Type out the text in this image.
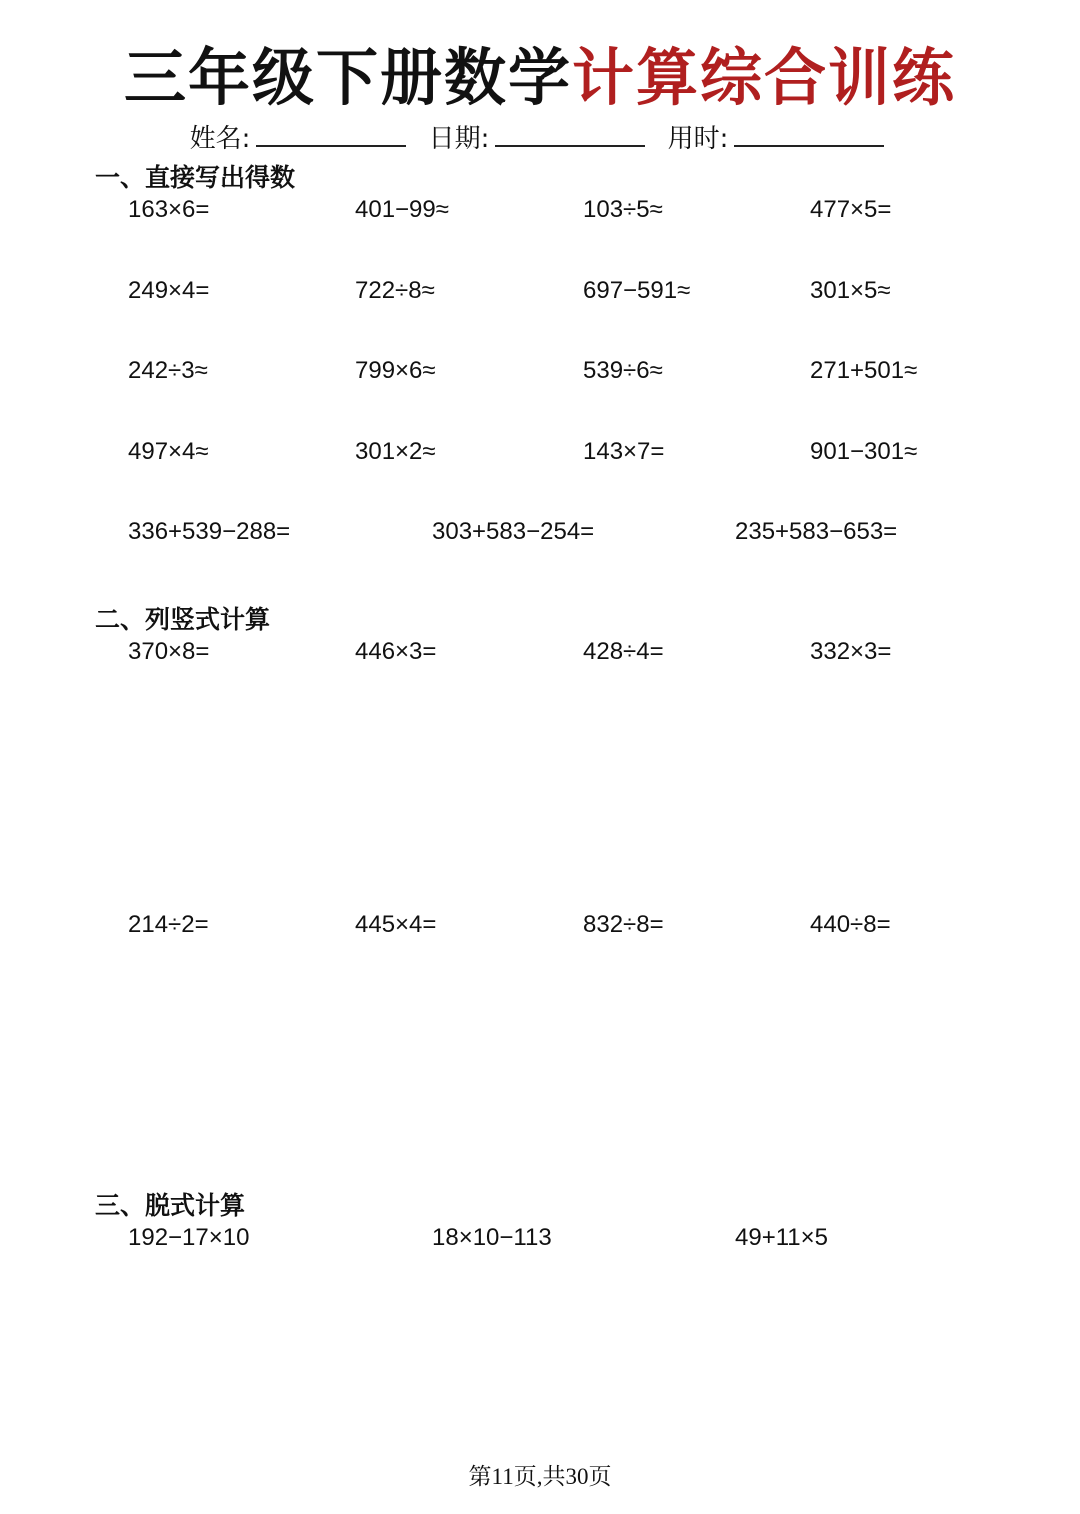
三年级下册数学计算综合训练
姓名:	日期:	用时:
一、直接写出得数
二、列竖式计算
三、脱式计算
163×6=	401−99≈	103÷5≈	477×5=
249×4=	722÷8≈	697−591≈	301×5≈
242÷3≈	799×6≈	539÷6≈	271+501≈
497×4≈	301×2≈	143×7=	901−301≈
336+539−288=	303+583−254=	235+583−653=
370×8=	446×3=	428÷4=	332×3=
214÷2=	445×4=	832÷8=	440÷8=
192−17×10	18×10−113	49+11×5
第11页,共30页
